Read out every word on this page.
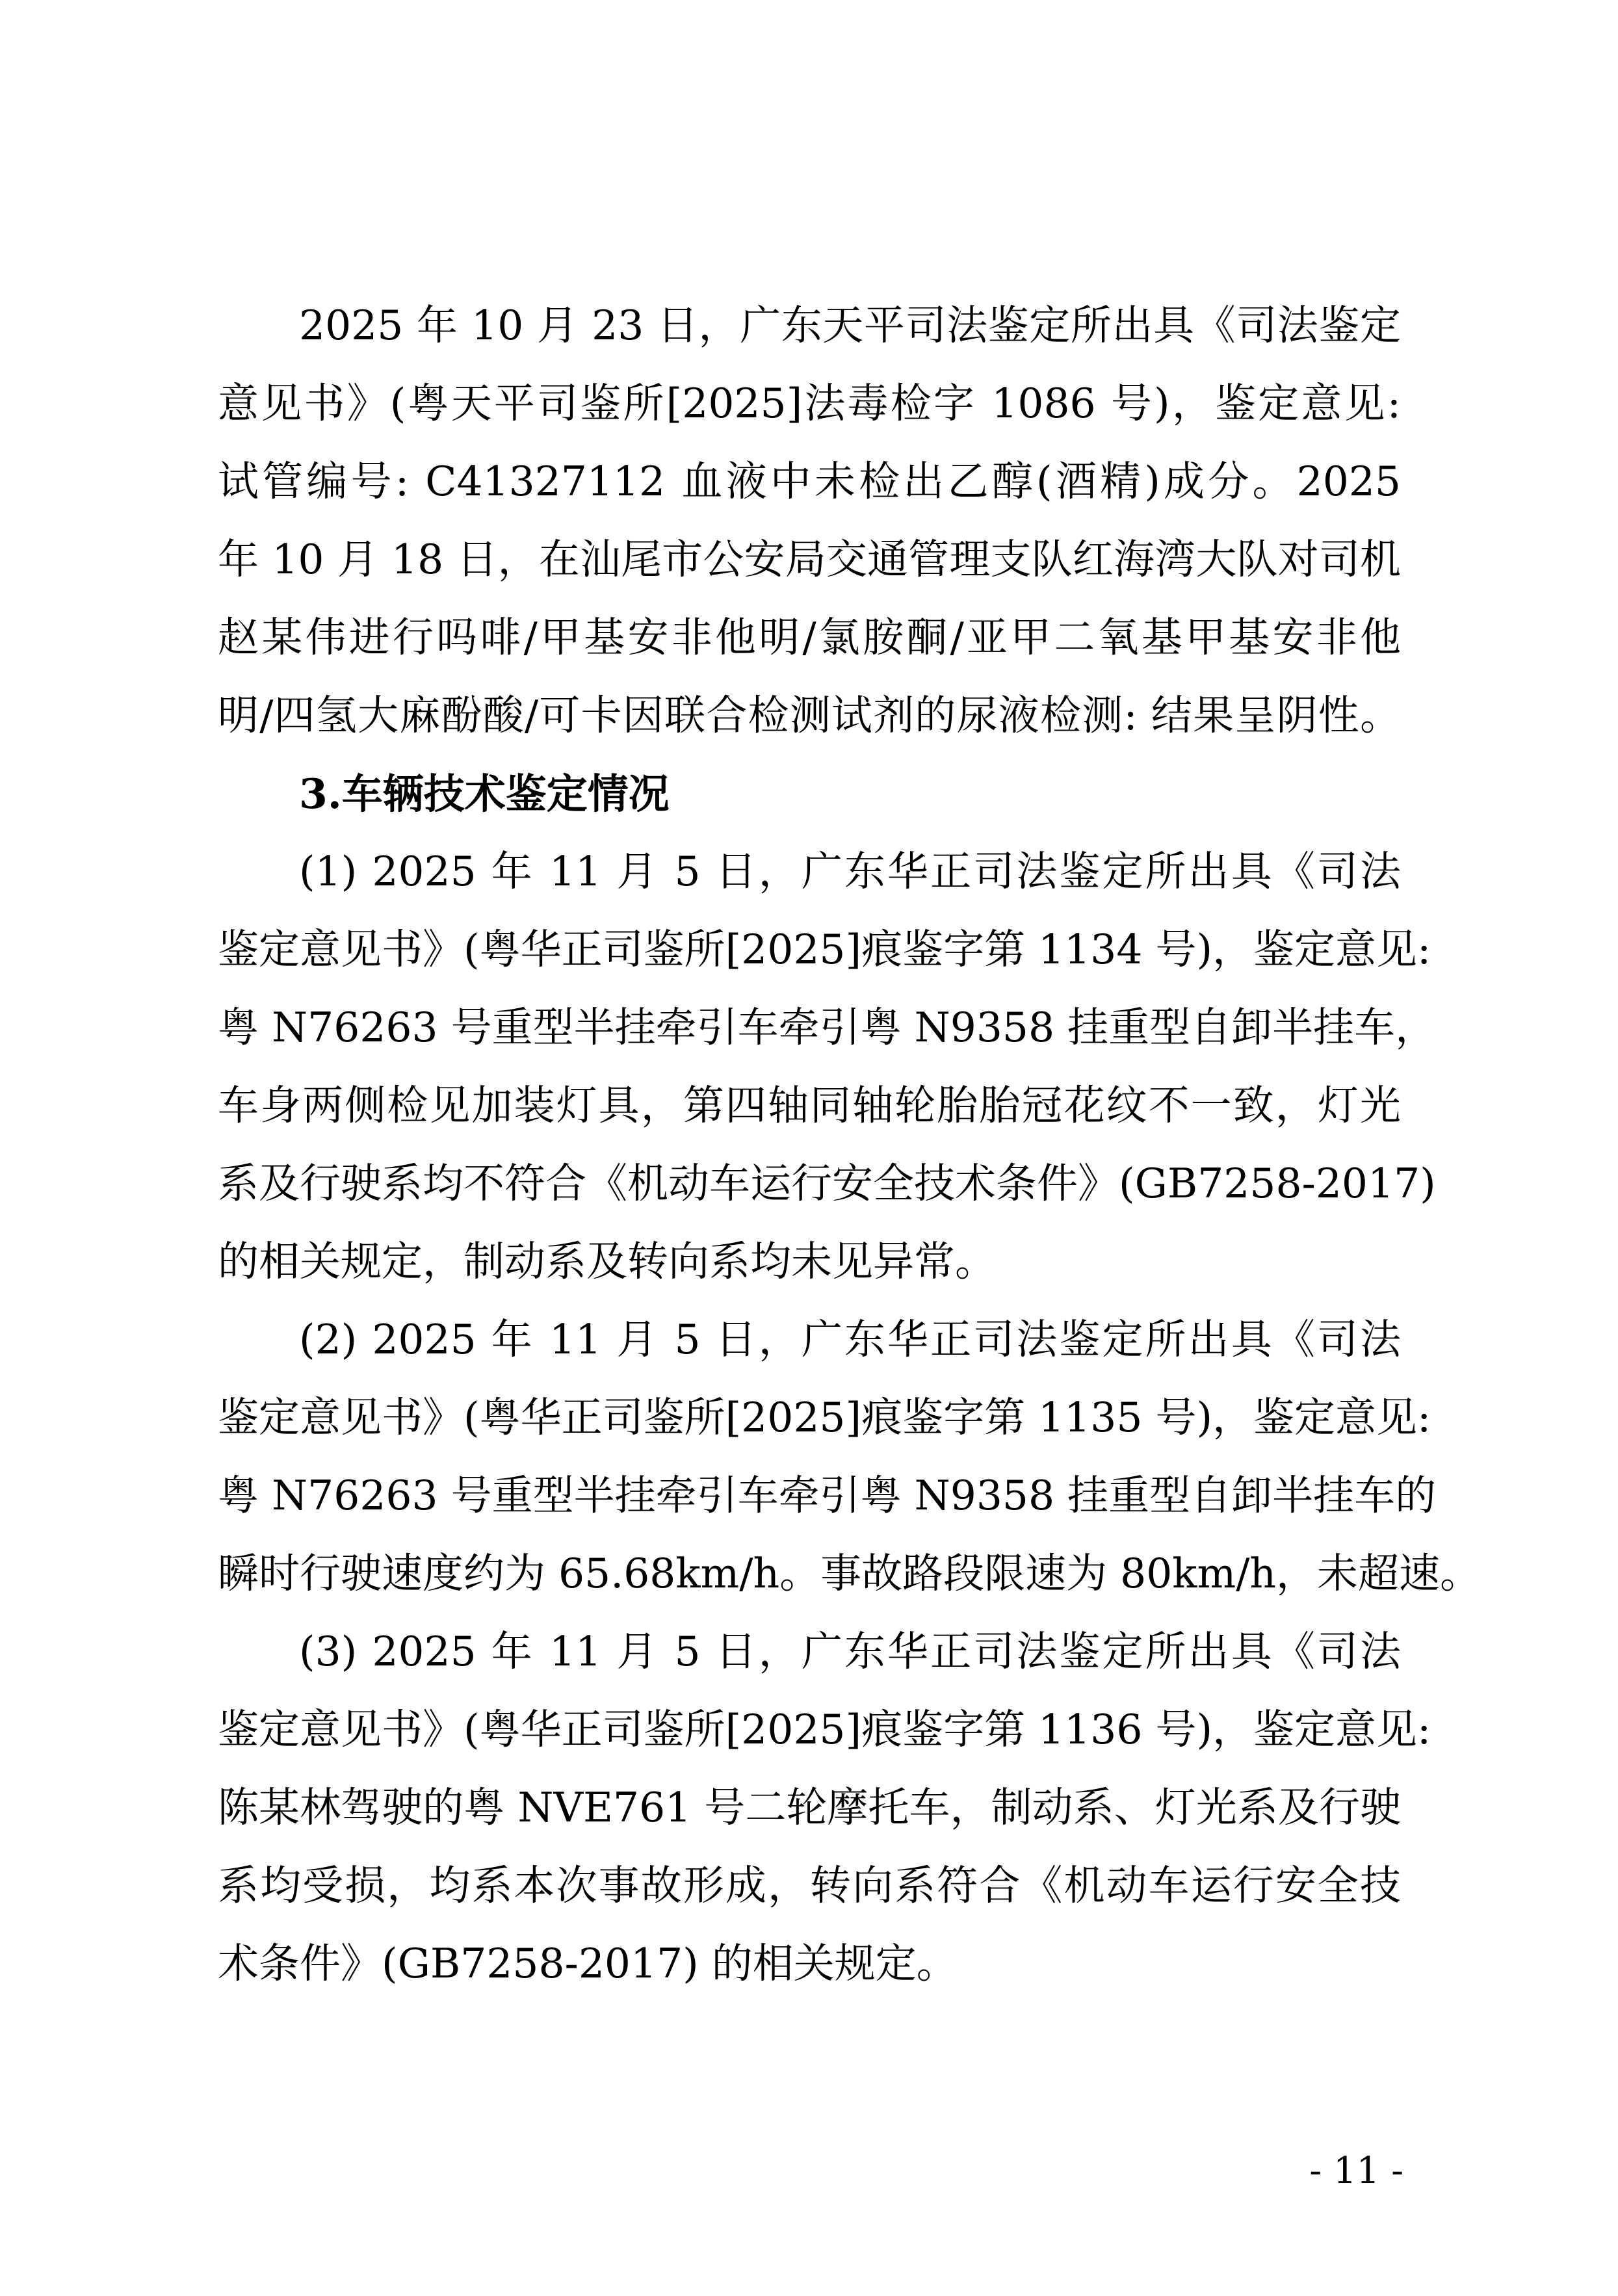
2025 年 10 月 23 日，广东天平司法鉴定所出具《司法鉴定
意见书》(粤天平司鉴所[2025]法毒检字 1086 号)，鉴定意见:
试管编号: C41327112 血液中未检出乙醇(酒精)成分。2025
年 10 月 18 日，在汕尾市公安局交通管理支队红海湾大队对司机
赵某伟进行吗啡/甲基安非他明/氯胺酮/亚甲二氧基甲基安非他
明/四氢大麻酚酸/可卡因联合检测试剂的尿液检测: 结果呈阴性。
3.车辆技术鉴定情况
(1) 2025 年 11 月 5 日，广东华正司法鉴定所出具《司法
鉴定意见书》(粤华正司鉴所[2025]痕鉴字第 1134 号)，鉴定意见:
粤 N76263 号重型半挂牵引车牵引粤 N9358 挂重型自卸半挂车，
车身两侧检见加装灯具，第四轴同轴轮胎胎冠花纹不一致，灯光
系及行驶系均不符合《机动车运行安全技术条件》(GB7258-2017)
的相关规定，制动系及转向系均未见异常。
(2) 2025 年 11 月 5 日，广东华正司法鉴定所出具《司法
鉴定意见书》(粤华正司鉴所[2025]痕鉴字第 1135 号)，鉴定意见:
粤 N76263 号重型半挂牵引车牵引粤 N9358 挂重型自卸半挂车的
瞬时行驶速度约为 65.68km/h。事故路段限速为 80km/h，未超速。
(3) 2025 年 11 月 5 日，广东华正司法鉴定所出具《司法
鉴定意见书》(粤华正司鉴所[2025]痕鉴字第 1136 号)，鉴定意见:
陈某林驾驶的粤 NVE761 号二轮摩托车，制动系、灯光系及行驶
系均受损，均系本次事故形成，转向系符合《机动车运行安全技
术条件》(GB7258-2017) 的相关规定。
- 11 -
